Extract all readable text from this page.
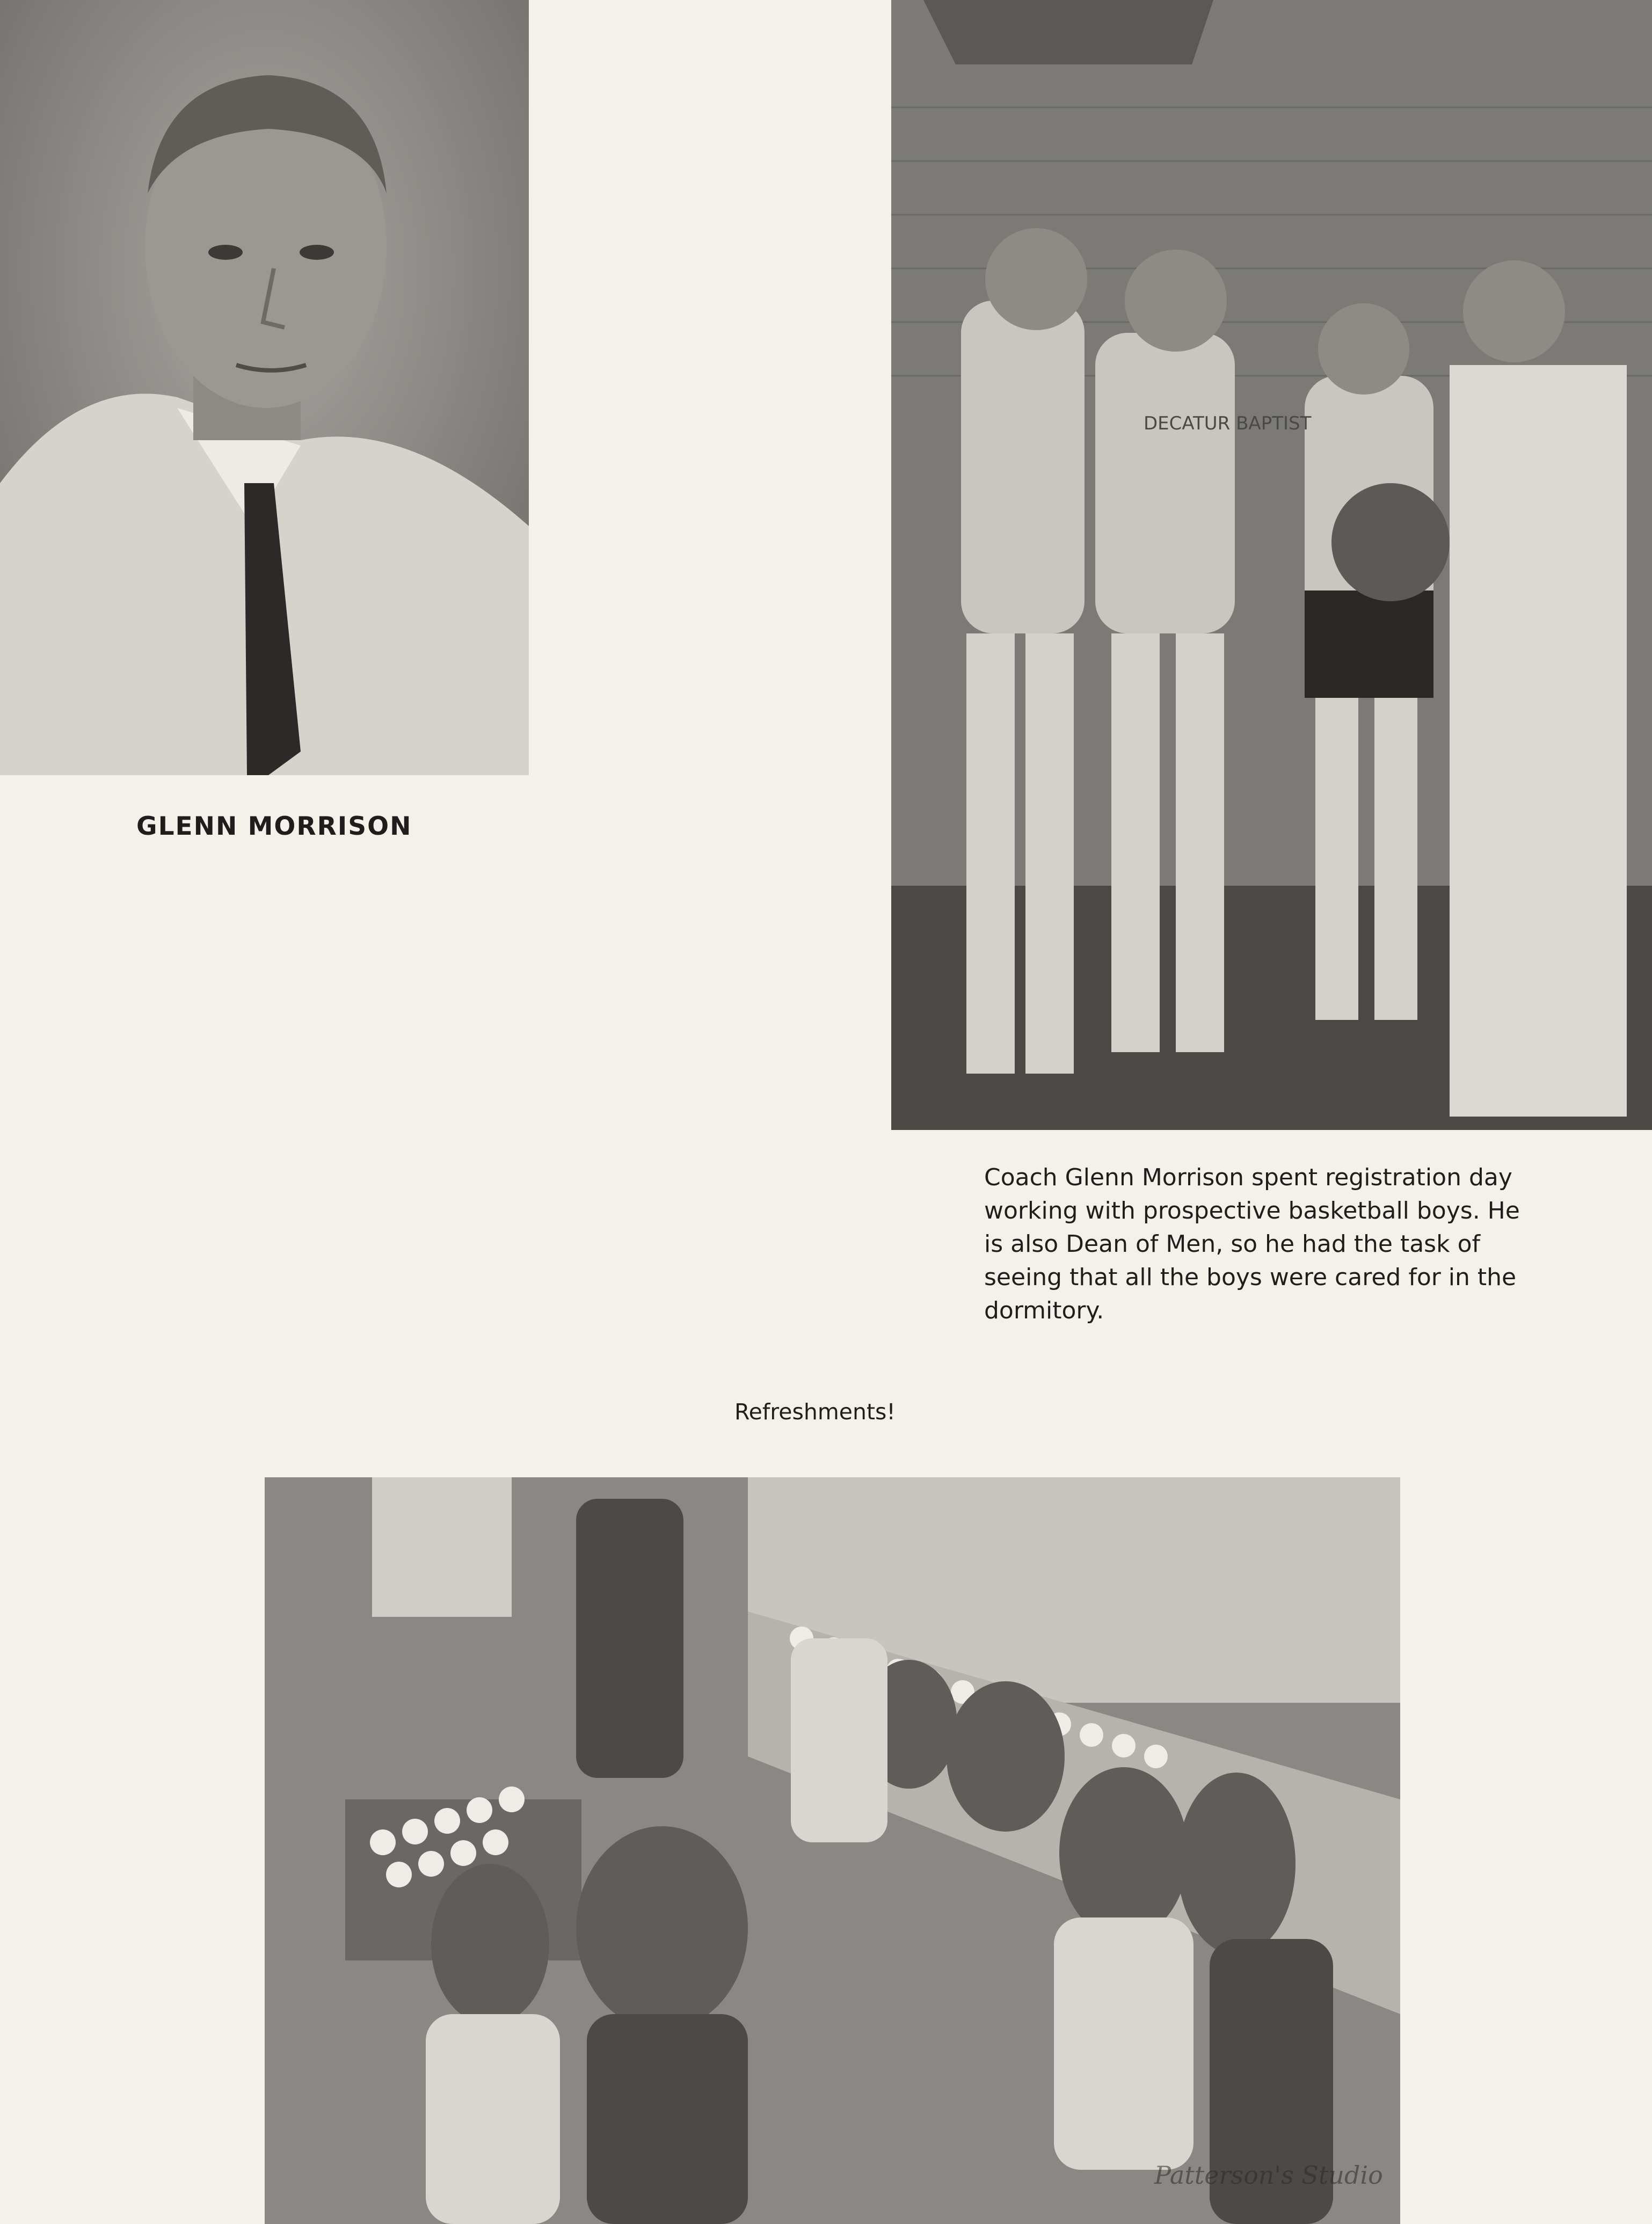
GLENN MORRISON

DECATUR BAPTIST

Coach Glenn Morrison spent registration day working with prospective basketball boys. He is also Dean of Men, so he had the task of seeing that all the boys were cared for in the dormitory.

Refreshments!

Patterson's Studio
